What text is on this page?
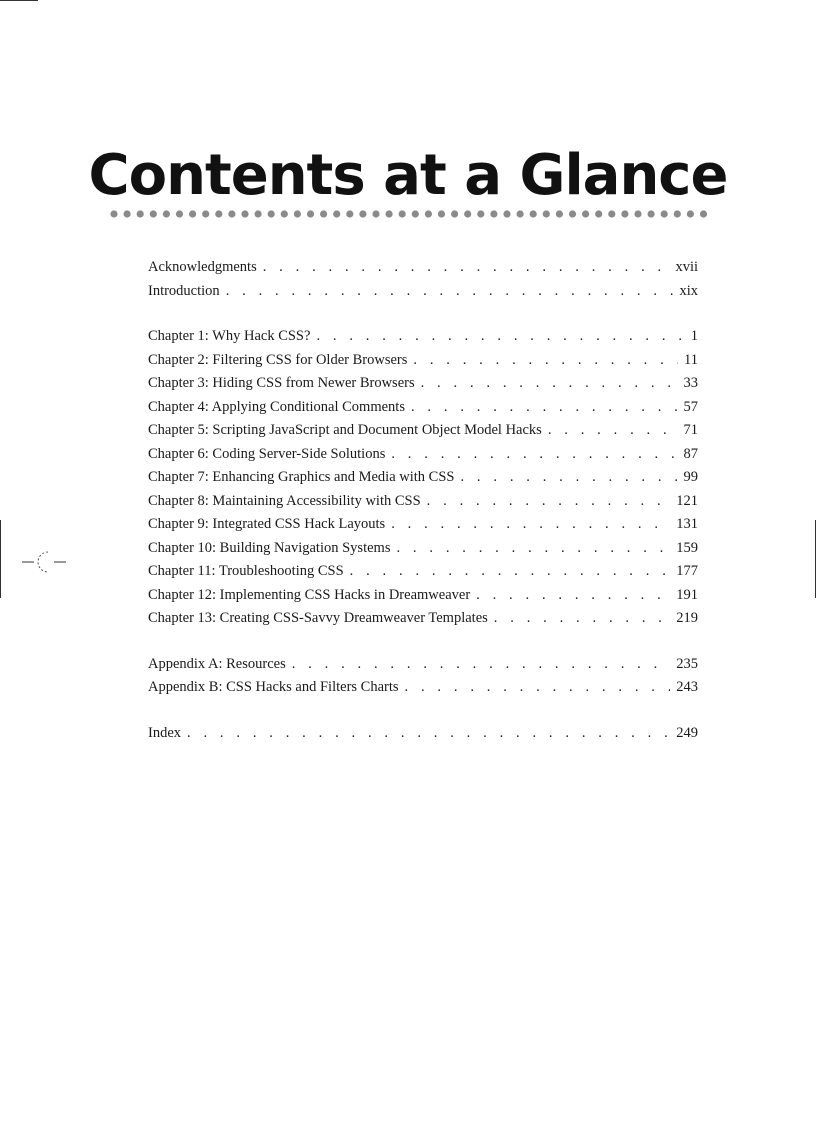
Contents at a Glance
Acknowledgments . . .	xvii
Introduction . . .	xix
Chapter 1: Why Hack CSS? . . .	1
Chapter 2: Filtering CSS for Older Browsers . . .	11
Chapter 3: Hiding CSS from Newer Browsers . . .	33
Chapter 4: Applying Conditional Comments . . .	57
Chapter 5: Scripting JavaScript and Document Object Model Hacks . . .	71
Chapter 6: Coding Server-Side Solutions . . .	87
Chapter 7: Enhancing Graphics and Media with CSS . . .	99
Chapter 8: Maintaining Accessibility with CSS . . .	121
Chapter 9: Integrated CSS Hack Layouts . . .	131
Chapter 10: Building Navigation Systems . . .	159
Chapter 11: Troubleshooting CSS . . .	177
Chapter 12: Implementing CSS Hacks in Dreamweaver . . .	191
Chapter 13: Creating CSS-Savvy Dreamweaver Templates . . .	219
Appendix A: Resources . . .	235
Appendix B: CSS Hacks and Filters Charts . . .	243
Index . . .	249
